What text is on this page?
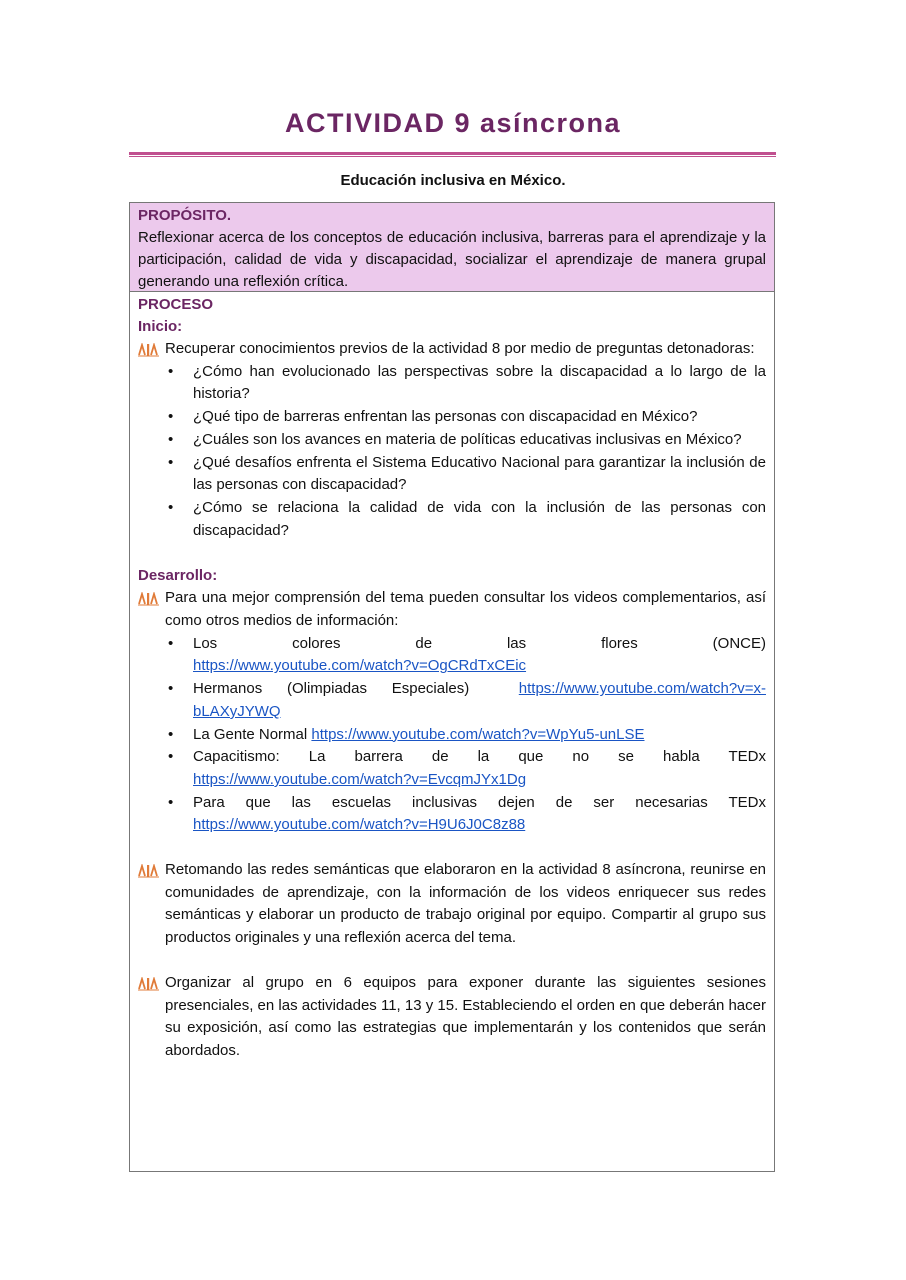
ACTIVIDAD 9 asíncrona
Educación inclusiva en México.
PROPÓSITO.
Reflexionar acerca de los conceptos de educación inclusiva, barreras para el aprendizaje y la participación, calidad de vida y discapacidad, socializar el aprendizaje de manera grupal generando una reflexión crítica.
PROCESO
Inicio:
Recuperar conocimientos previos de la actividad 8 por medio de preguntas detonadoras:
• ¿Cómo han evolucionado las perspectivas sobre la discapacidad a lo largo de la historia?
• ¿Qué tipo de barreras enfrentan las personas con discapacidad en México?
• ¿Cuáles son los avances en materia de políticas educativas inclusivas en México?
• ¿Qué desafíos enfrenta el Sistema Educativo Nacional para garantizar la inclusión de las personas con discapacidad?
• ¿Cómo se relaciona la calidad de vida con la inclusión de las personas con discapacidad?
Desarrollo:
Para una mejor comprensión del tema pueden consultar los videos complementarios, así como otros medios de información:
• Los colores de las flores (ONCE)
https://www.youtube.com/watch?v=OgCRdTxCEic
• Hermanos (Olimpiadas Especiales)	https://www.youtube.com/watch?v=x-bLAXyJYWQ
• La Gente Normal https://www.youtube.com/watch?v=WpYu5-unLSE
• Capacitismo: La barrera de la que no se habla TEDx
https://www.youtube.com/watch?v=EvcqmJYx1Dg
• Para que las escuelas inclusivas dejen de ser necesarias TEDx
https://www.youtube.com/watch?v=H9U6J0C8z88
Retomando las redes semánticas que elaboraron en la actividad 8 asíncrona, reunirse en comunidades de aprendizaje, con la información de los videos enriquecer sus redes semánticas y elaborar un producto de trabajo original por equipo. Compartir al grupo sus productos originales y una reflexión acerca del tema.
Organizar al grupo en 6 equipos para exponer durante las siguientes sesiones presenciales, en las actividades 11, 13 y 15. Estableciendo el orden en que deberán hacer su exposición, así como las estrategias que implementarán y los contenidos que serán abordados.
